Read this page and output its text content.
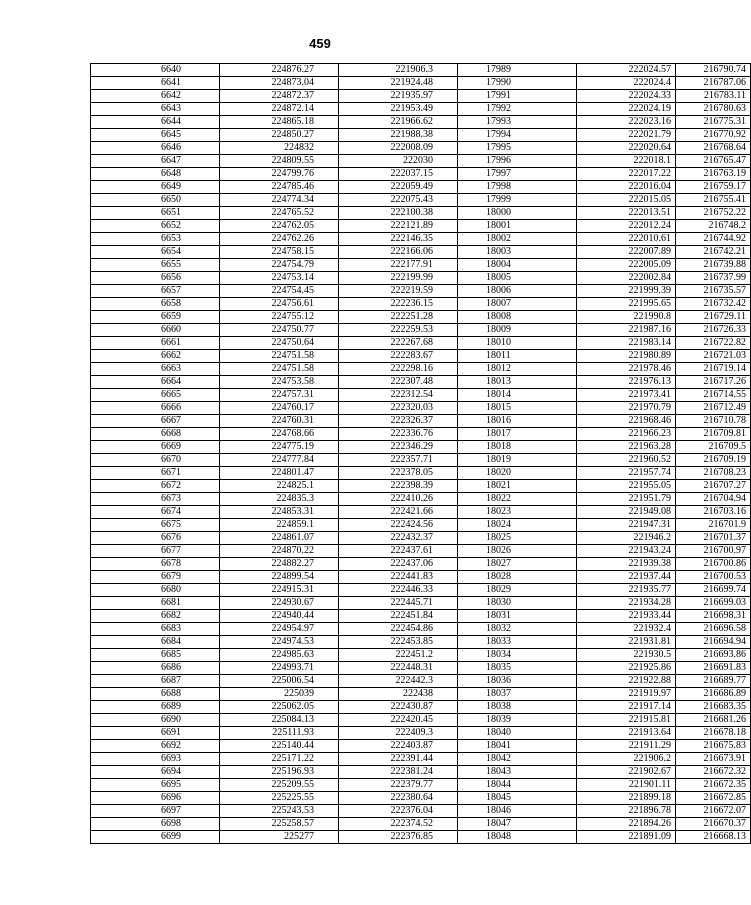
459
6640	224876.27	221906.3	17989	222024.57	216790.74
6641	224873.04	221924.48	17990	222024.4	216787.06
6642	224872.37	221935.97	17991	222024.33	216783.11
6643	224872.14	221953.49	17992	222024.19	216780.63
6644	224865.18	221966.62	17993	222023.16	216775.31
6645	224850.27	221988.38	17994	222021.79	216770.92
6646	224832	222008.09	17995	222020.64	216768.64
6647	224809.55	222030	17996	222018.1	216765.47
6648	224799.76	222037.15	17997	222017.22	216763.19
6649	224785.46	222059.49	17998	222016.04	216759.17
6650	224774.34	222075.43	17999	222015.05	216755.41
6651	224765.52	222100.38	18000	222013.51	216752.22
6652	224762.05	222121.89	18001	222012.24	216748.2
6653	224762.26	222146.35	18002	222010.61	216744.92
6654	224758.15	222166.06	18003	222007.89	216742.21
6655	224754.79	222177.91	18004	222005.09	216739.88
6656	224753.14	222199.99	18005	222002.84	216737.99
6657	224754.45	222219.59	18006	221999.39	216735.57
6658	224756.61	222236.15	18007	221995.65	216732.42
6659	224755.12	222251.28	18008	221990.8	216729.11
6660	224750.77	222259.53	18009	221987.16	216726.33
6661	224750.64	222267.68	18010	221983.14	216722.82
6662	224751.58	222283.67	18011	221980.89	216721.03
6663	224751.58	222298.16	18012	221978.46	216719.14
6664	224753.58	222307.48	18013	221976.13	216717.26
6665	224757.31	222312.54	18014	221973.41	216714.55
6666	224760.17	222320.03	18015	221970.79	216712.49
6667	224760.31	222326.37	18016	221968.46	216710.78
6668	224768.66	222336.76	18017	221966.23	216709.81
6669	224775.19	222346.29	18018	221963.28	216709.5
6670	224777.84	222357.71	18019	221960.52	216709.19
6671	224801.47	222378.05	18020	221957.74	216708.23
6672	224825.1	222398.39	18021	221955.05	216707.27
6673	224835.3	222410.26	18022	221951.79	216704.94
6674	224853.31	222421.66	18023	221949.08	216703.16
6675	224859.1	222424.56	18024	221947.31	216701.9
6676	224861.07	222432.37	18025	221946.2	216701.37
6677	224870.22	222437.61	18026	221943.24	216700.97
6678	224882.27	222437.06	18027	221939.38	216700.86
6679	224899.54	222441.83	18028	221937.44	216700.53
6680	224915.31	222446.33	18029	221935.77	216699.74
6681	224930.67	222445.71	18030	221934.28	216699.03
6682	224940.44	222451.84	18031	221933.44	216698.31
6683	224954.97	222454.86	18032	221932.4	216696.58
6684	224974.53	222453.85	18033	221931.81	216694.94
6685	224985.63	222451.2	18034	221930.5	216693.86
6686	224993.71	222448.31	18035	221925.86	216691.83
6687	225006.54	222442.3	18036	221922.88	216689.77
6688	225039	222438	18037	221919.97	216686.89
6689	225062.05	222430.87	18038	221917.14	216683.35
6690	225084.13	222420.45	18039	221915.81	216681.26
6691	225111.93	222409.3	18040	221913.64	216678.18
6692	225140.44	222403.87	18041	221911.29	216675.83
6693	225171.22	222391.44	18042	221906.2	216673.91
6694	225196.93	222381.24	18043	221902.67	216672.32
6695	225209.55	222379.77	18044	221901.11	216672.35
6696	225225.55	222380.64	18045	221899.18	216672.85
6697	225243.53	222376.04	18046	221896.78	216672.07
6698	225258.57	222374.52	18047	221894.26	216670.37
6699	225277	222376.85	18048	221891.09	216668.13
